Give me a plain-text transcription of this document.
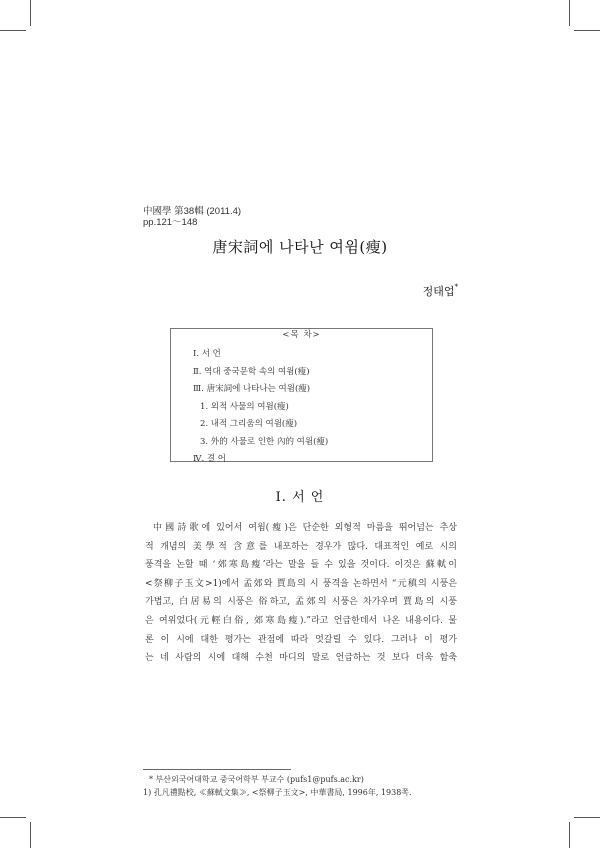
中國學 第38輯 (2011.4)
pp.121～148
唐宋詞에 나타난 여윔(瘦)
정태업*
<목 차>
Ⅰ. 서 언
Ⅱ. 역대 중국문학 속의 여윔(瘦)
Ⅲ. 唐宋詞에 나타나는 여윔(瘦)
1. 외적 사물의 여윔(瘦)
2. 내적 그리움의 여윔(瘦)
3. 外的 사물로 인한 內的 여윔(瘦)
Ⅳ. 결 어
Ⅰ. 서 언
中國詩歌에 있어서 여윔(瘦)은 단순한 외형적 마름을 뛰어넘는 추상
적 개념의 美學적 含意를 내포하는 경우가 많다. 대표적인 예로 시의
풍격을 논할 때 ‘郊寒島瘦’라는 말을 들 수 있을 것이다. 이것은 蘇軾이
<祭柳子玉文>1)에서 孟郊와 賈島의 시 풍격을 논하면서 “元稹의 시풍은
가볍고, 白居易의 시풍은 俗하고, 孟郊의 시풍은 차가우며 賈島의 시풍
은 여위었다(元輕白俗, 郊寒島瘦).”라고 언급한데서 나온 내용이다. 물
론 이 시에 대한 평가는 관점에 따라 엇갈릴 수 있다. 그러나 이 평가
는 네 사람의 시에 대해 수천 마디의 말로 언급하는 것 보다 더욱 함축
* 부산외국어대학교 중국어학부 부교수 (pufs1@pufs.ac.kr)
1) 孔凡禮點校, ≪蘇軾文集≫, <祭柳子玉文>, 中華書局, 1996年, 1938쪽.
